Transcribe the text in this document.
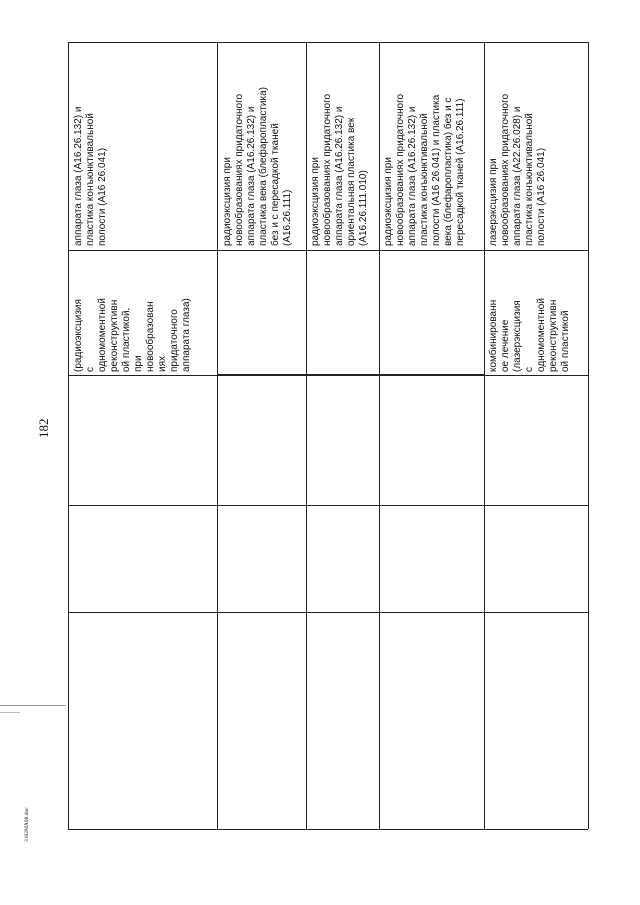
182
3102MA08.doc
(радиоэксцизия
с
одномоментной
реконструктивн
ой пластикой,
при
новообразован
иях
придаточного
аппарата глаза)
аппарата глаза (А16.26.132) и
пластика конъюнктивальной
полости (А16 26.041)
радиоэксцизия при
новообразованиях придаточного
аппарата глаза (А16.26.132) и
пластика века (блефаропластика)
без и с пересадкой тканей
(А16.26.111) радиоэксцизия при
новообразованиях придаточного
аппарата глаза (А16.26.132) и
ориентальная пластика век
(А16.26.111.010) радиоэксцизия при
новообразованиях придаточного
аппарата глаза (А16.26.132) и
пластика конъюнктивальной
полости (А16 26.041) и пластика
века (блефаропластика) без и с
пересадкой тканей (А16.26.111)
комбинированн
ое лечение
(лазерэксцизия
с
одномоментной
реконструктивн
ой пластикой
лазерэксцизия при
новообразованиях придаточного
аппарата глаза (А22.26.028) и
пластика конъюнктивальной
полости (А16 26.041)
